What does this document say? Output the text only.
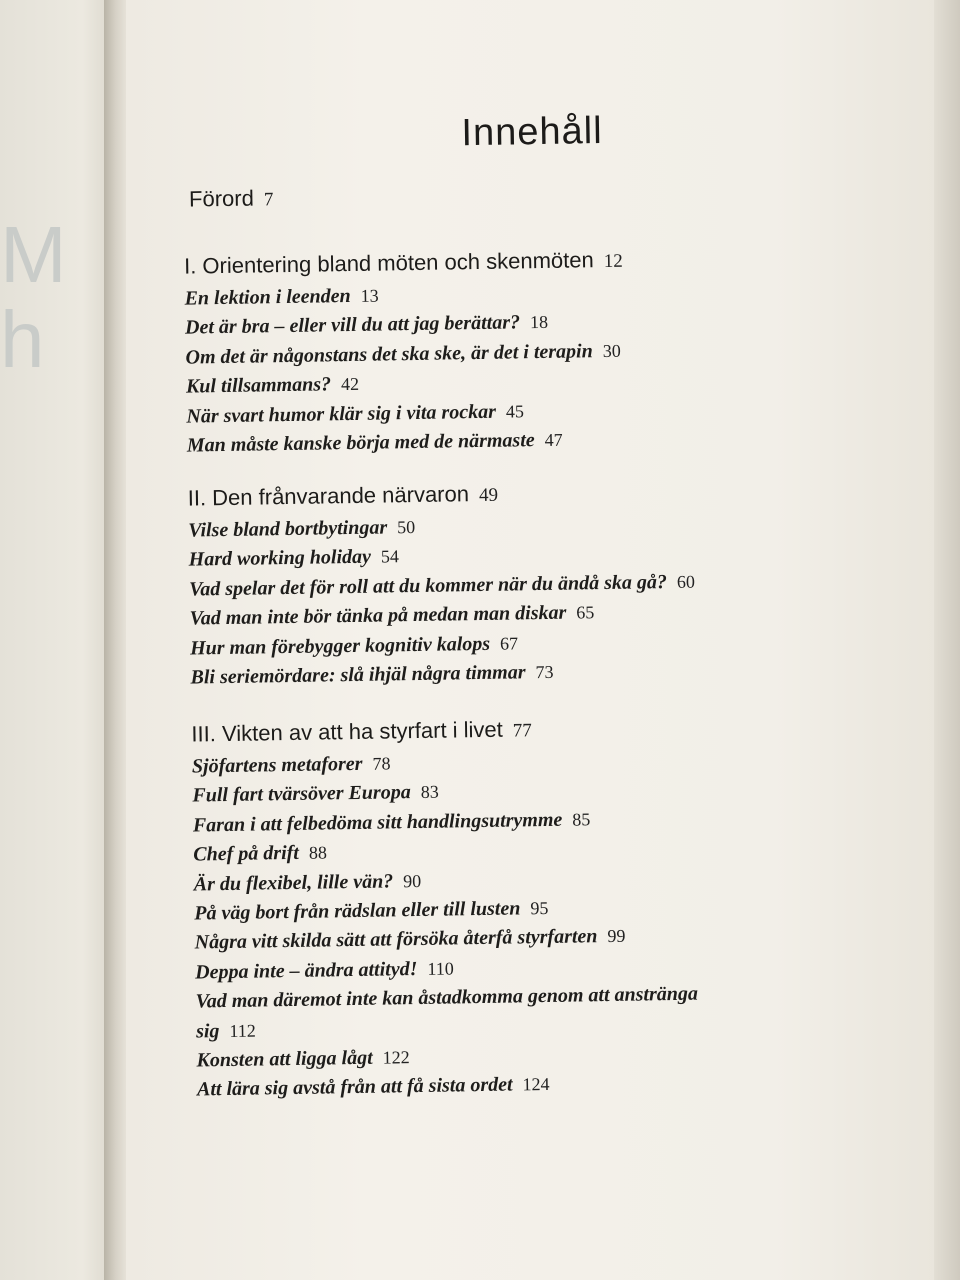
M
h
Innehåll
Förord 7
I. Orientering bland möten och skenmöten 12
En lektion i leenden 13
Det är bra – eller vill du att jag berättar? 18
Om det är någonstans det ska ske, är det i terapin 30
Kul tillsammans? 42
När svart humor klär sig i vita rockar 45
Man måste kanske börja med de närmaste 47
II. Den frånvarande närvaron 49
Vilse bland bortbytingar 50
Hard working holiday 54
Vad spelar det för roll att du kommer när du ändå ska gå? 60
Vad man inte bör tänka på medan man diskar 65
Hur man förebygger kognitiv kalops 67
Bli seriemördare: slå ihjäl några timmar 73
III. Vikten av att ha styrfart i livet 77
Sjöfartens metaforer 78
Full fart tvärsöver Europa 83
Faran i att felbedöma sitt handlingsutrymme 85
Chef på drift 88
Är du flexibel, lille vän? 90
På väg bort från rädslan eller till lusten 95
Några vitt skilda sätt att försöka återfå styrfarten 99
Deppa inte – ändra attityd! 110
Vad man däremot inte kan åstadkomma genom att anstränga
sig 112
Konsten att ligga lågt 122
Att lära sig avstå från att få sista ordet 124
